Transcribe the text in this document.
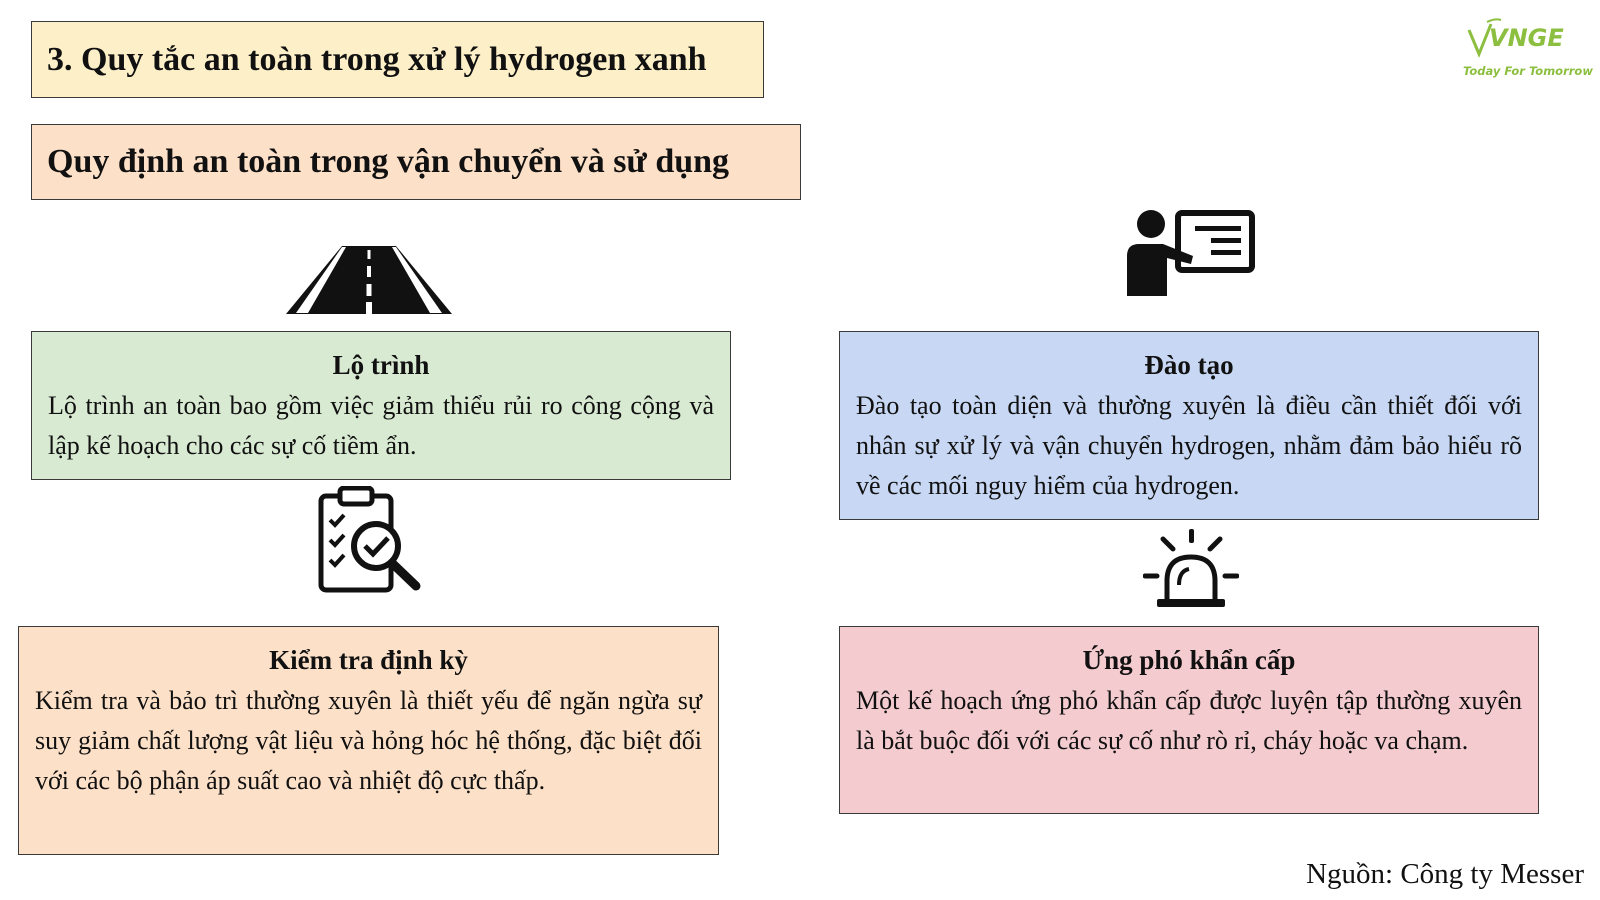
3. Quy tắc an toàn trong xử lý hydrogen xanh
Quy định an toàn trong vận chuyển và sử dụng
VNGE
Today For Tomorrow
Lộ trình

Lộ trình an toàn bao gồm việc giảm thiểu rủi ro công cộng và lập kế hoạch cho các sự cố tiềm ẩn.

Đào tạo

Đào tạo toàn diện và thường xuyên là điều cần thiết đối với nhân sự xử lý và vận chuyển hydrogen, nhằm đảm bảo hiểu rõ về các mối nguy hiểm của hydrogen.

Kiểm tra định kỳ

Kiểm tra và bảo trì thường xuyên là thiết yếu để ngăn ngừa sự suy giảm chất lượng vật liệu và hỏng hóc hệ thống, đặc biệt đối với các bộ phận áp suất cao và nhiệt độ cực thấp.

Ứng phó khẩn cấp

Một kế hoạch ứng phó khẩn cấp được luyện tập thường xuyên là bắt buộc đối với các sự cố như rò rỉ, cháy hoặc va chạm.

Nguồn: Công ty Messer
